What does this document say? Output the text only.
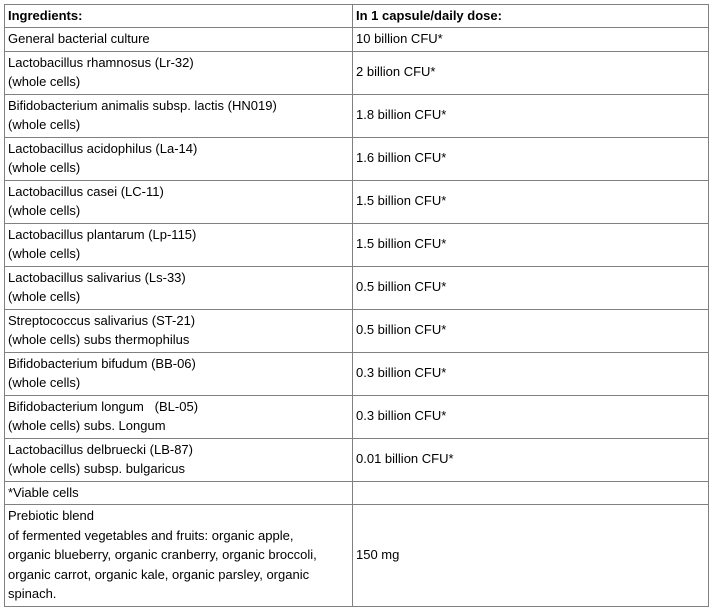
Ingredients:	In 1 capsule/daily dose:

General bacterial culture	10 billion CFU*

Lactobacillus rhamnosus (Lr-32)
(whole cells)	2 billion CFU*

Bifidobacterium animalis subsp. lactis (HN019)
(whole cells)	1.8 billion CFU*

Lactobacillus acidophilus (La-14)
(whole cells)	1.6 billion CFU*

Lactobacillus casei (LC-11)
(whole cells)	1.5 billion CFU*

Lactobacillus plantarum (Lp-115)
(whole cells)	1.5 billion CFU*

Lactobacillus salivarius (Ls-33)
(whole cells)	0.5 billion CFU*

Streptococcus salivarius (ST-21)
(whole cells) subs thermophilus	0.5 billion CFU*

Bifidobacterium bifudum (BB-06)
(whole cells)	0.3 billion CFU*

Bifidobacterium longum   (BL-05)
(whole cells) subs. Longum	0.3 billion CFU*

Lactobacillus delbruecki (LB-87)
(whole cells) subsp. bulgaricus	0.01 billion CFU*

*Viable cells	

Prebiotic blend
of fermented vegetables and fruits: organic apple,
organic blueberry, organic cranberry, organic broccoli,
organic carrot, organic kale, organic parsley, organic
spinach.	150 mg
